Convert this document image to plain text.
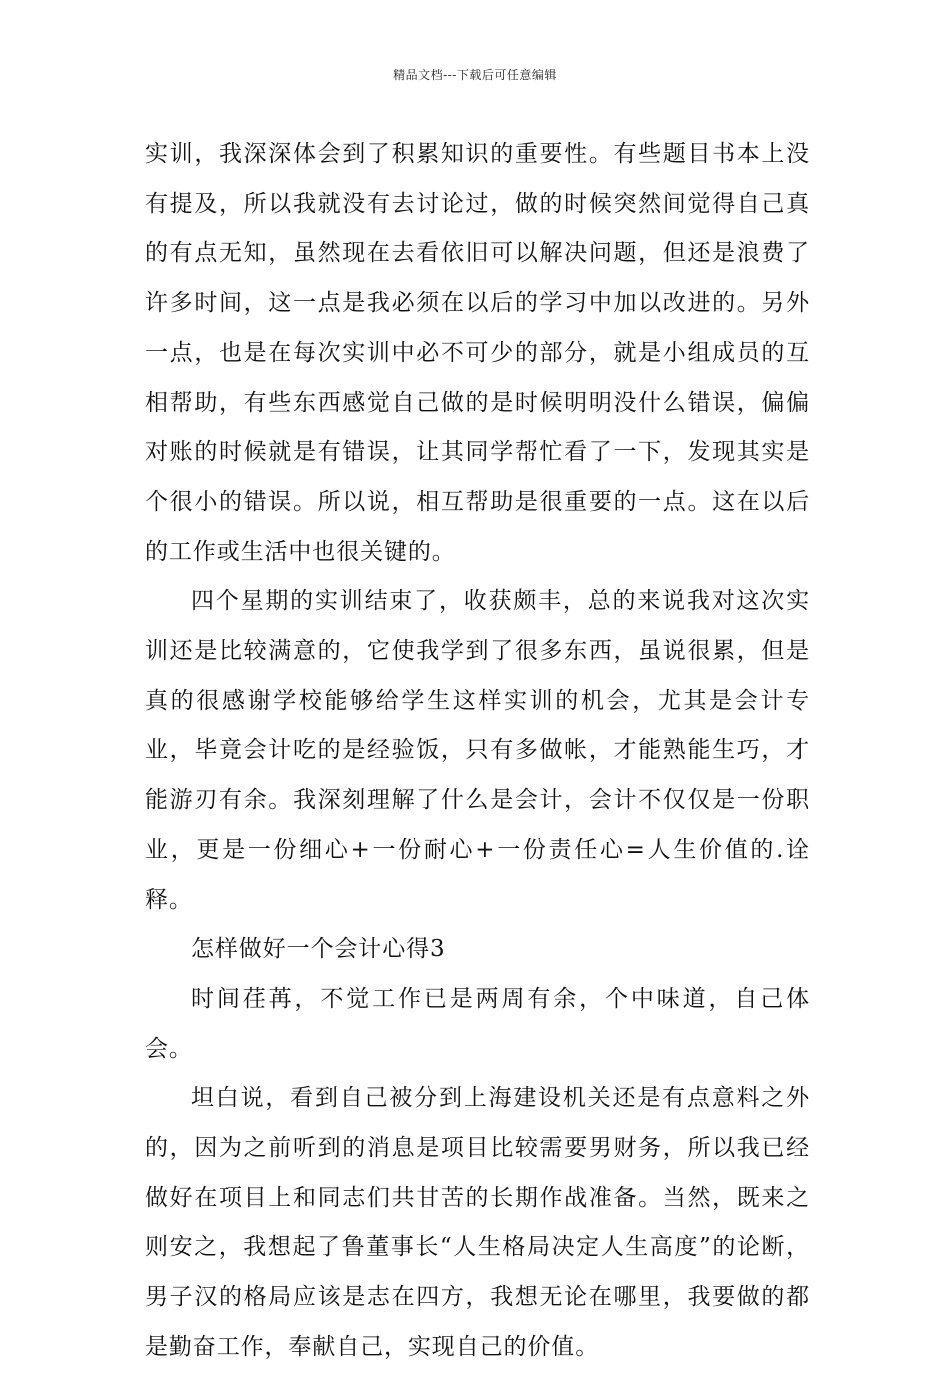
精品文档---下载后可任意编辑

实训，我深深体会到了积累知识的重要性。有些题目书本上没有提及，所以我就没有去讨论过，做的时候突然间觉得自己真的有点无知，虽然现在去看依旧可以解决问题，但还是浪费了许多时间，这一点是我必须在以后的学习中加以改进的。另外一点，也是在每次实训中必不可少的部分，就是小组成员的互相帮助，有些东西感觉自己做的是时候明明没什么错误，偏偏对账的时候就是有错误，让其同学帮忙看了一下，发现其实是个很小的错误。所以说，相互帮助是很重要的一点。这在以后的工作或生活中也很关键的。

四个星期的实训结束了，收获颇丰，总的来说我对这次实训还是比较满意的，它使我学到了很多东西，虽说很累，但是真的很感谢学校能够给学生这样实训的机会，尤其是会计专业，毕竟会计吃的是经验饭，只有多做帐，才能熟能生巧，才能游刃有余。我深刻理解了什么是会计，会计不仅仅是一份职业，更是一份细心+一份耐心+一份责任心=人生价值的.诠释。

怎样做好一个会计心得3

时间荏苒，不觉工作已是两周有余，个中味道，自己体会。

坦白说，看到自己被分到上海建设机关还是有点意料之外的，因为之前听到的消息是项目比较需要男财务，所以我已经做好在项目上和同志们共甘苦的长期作战准备。当然，既来之则安之，我想起了鲁董事长“人生格局决定人生高度”的论断，男子汉的格局应该是志在四方，我想无论在哪里，我要做的都是勤奋工作，奉献自己，实现自己的价值。
